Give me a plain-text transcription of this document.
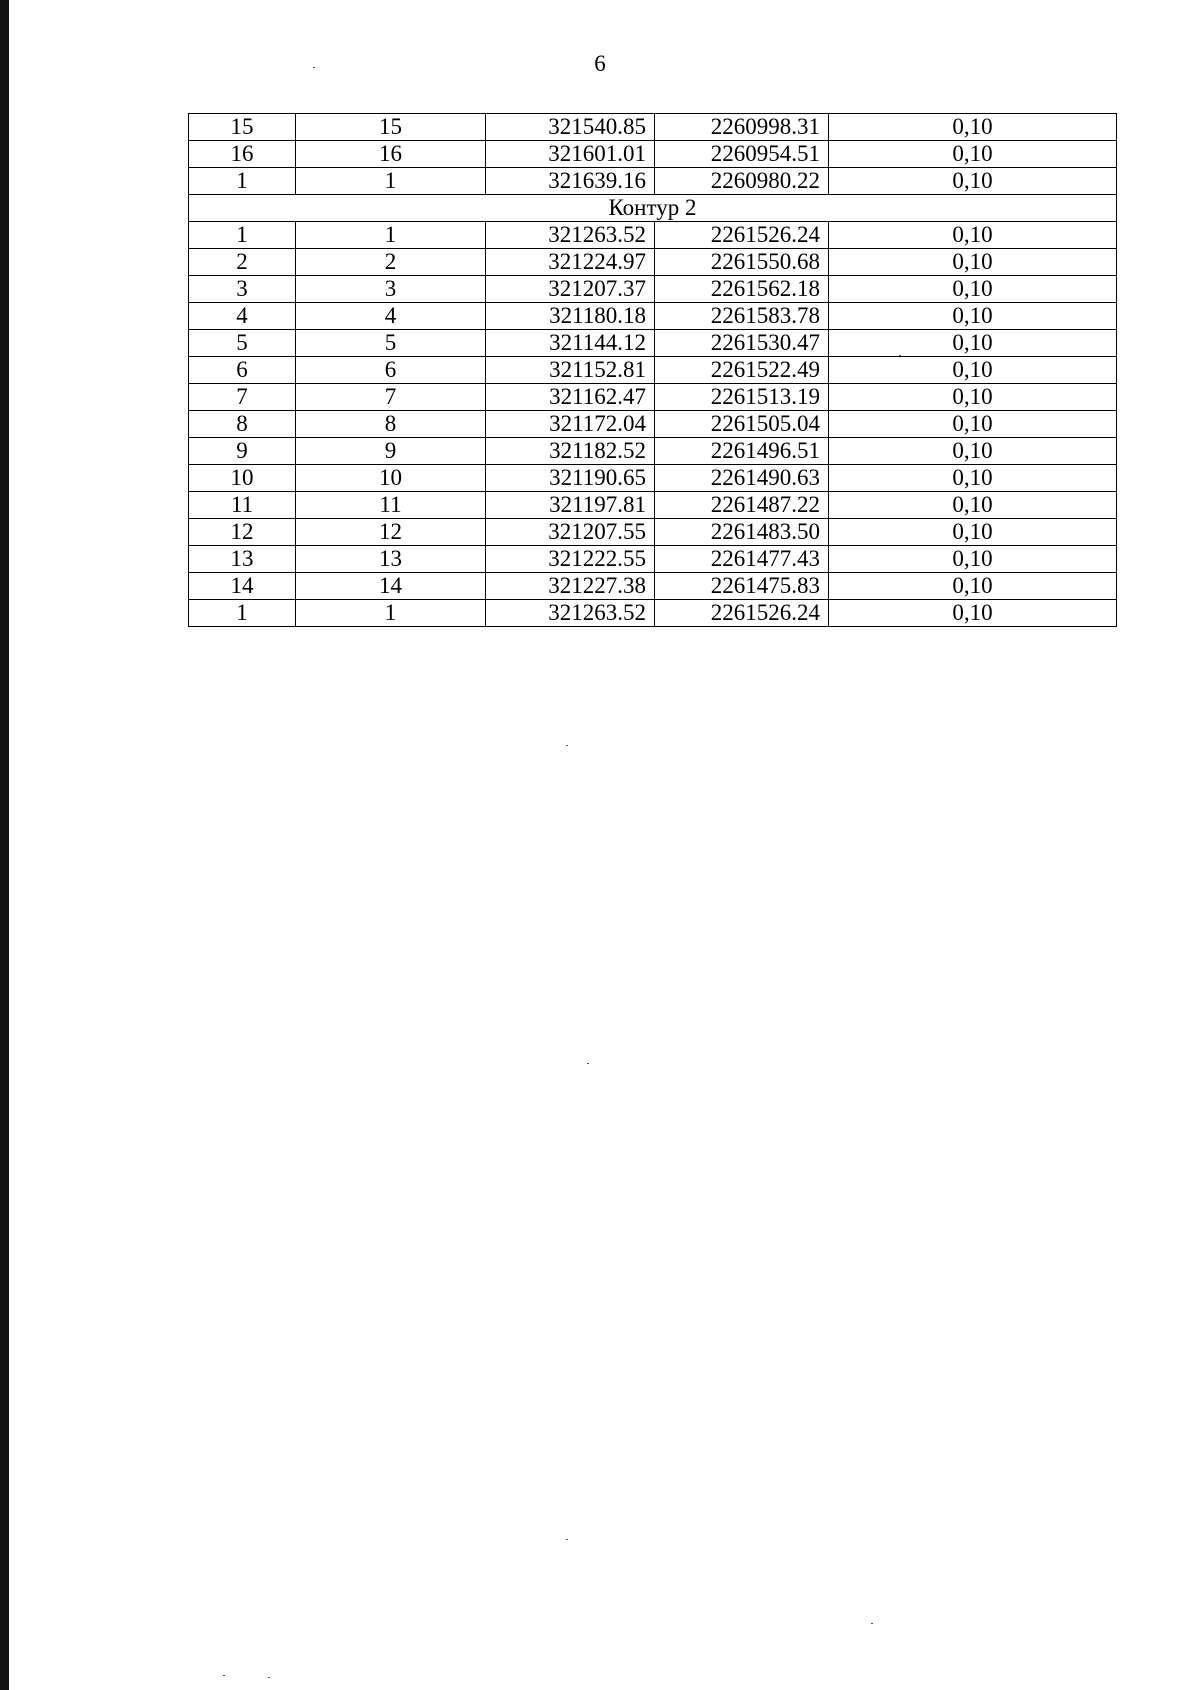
6
15	15	321540.85	2260998.31	0,10
16	16	321601.01	2260954.51	0,10
1	1	321639.16	2260980.22	0,10
Контур 2				
1	1	321263.52	2261526.24	0,10
2	2	321224.97	2261550.68	0,10
3	3	321207.37	2261562.18	0,10
4	4	321180.18	2261583.78	0,10
5	5	321144.12	2261530.47	0,10
6	6	321152.81	2261522.49	0,10
7	7	321162.47	2261513.19	0,10
8	8	321172.04	2261505.04	0,10
9	9	321182.52	2261496.51	0,10
10	10	321190.65	2261490.63	0,10
11	11	321197.81	2261487.22	0,10
12	12	321207.55	2261483.50	0,10
13	13	321222.55	2261477.43	0,10
14	14	321227.38	2261475.83	0,10
1	1	321263.52	2261526.24	0,10
